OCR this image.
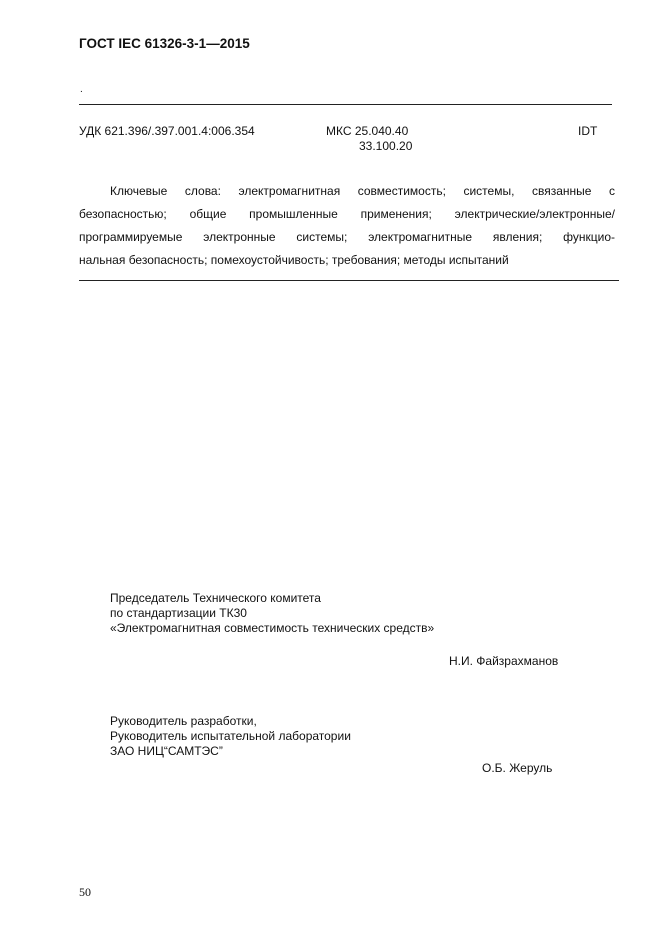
ГОСТ IEC 61326-3-1—2015
.
УДК 621.396/.397.001.4:006.354	МКС 25.040.40
33.100.20
IDT
Ключевые слова: электромагнитная совместимость; системы, связанные с
безопасностью; общие промышленные применения; электрические/электронные/
программируемые электронные системы; электромагнитные явления; функцио-
нальная безопасность; помехоустойчивость; требования; методы испытаний
Председатель Технического комитета
по стандартизации ТК30
«Электромагнитная совместимость технических средств»
Н.И. Файзрахманов
Руководитель разработки,
Руководитель испытательной лаборатории
ЗАО НИЦ“САМТЭС”
О.Б. Жеруль
50
